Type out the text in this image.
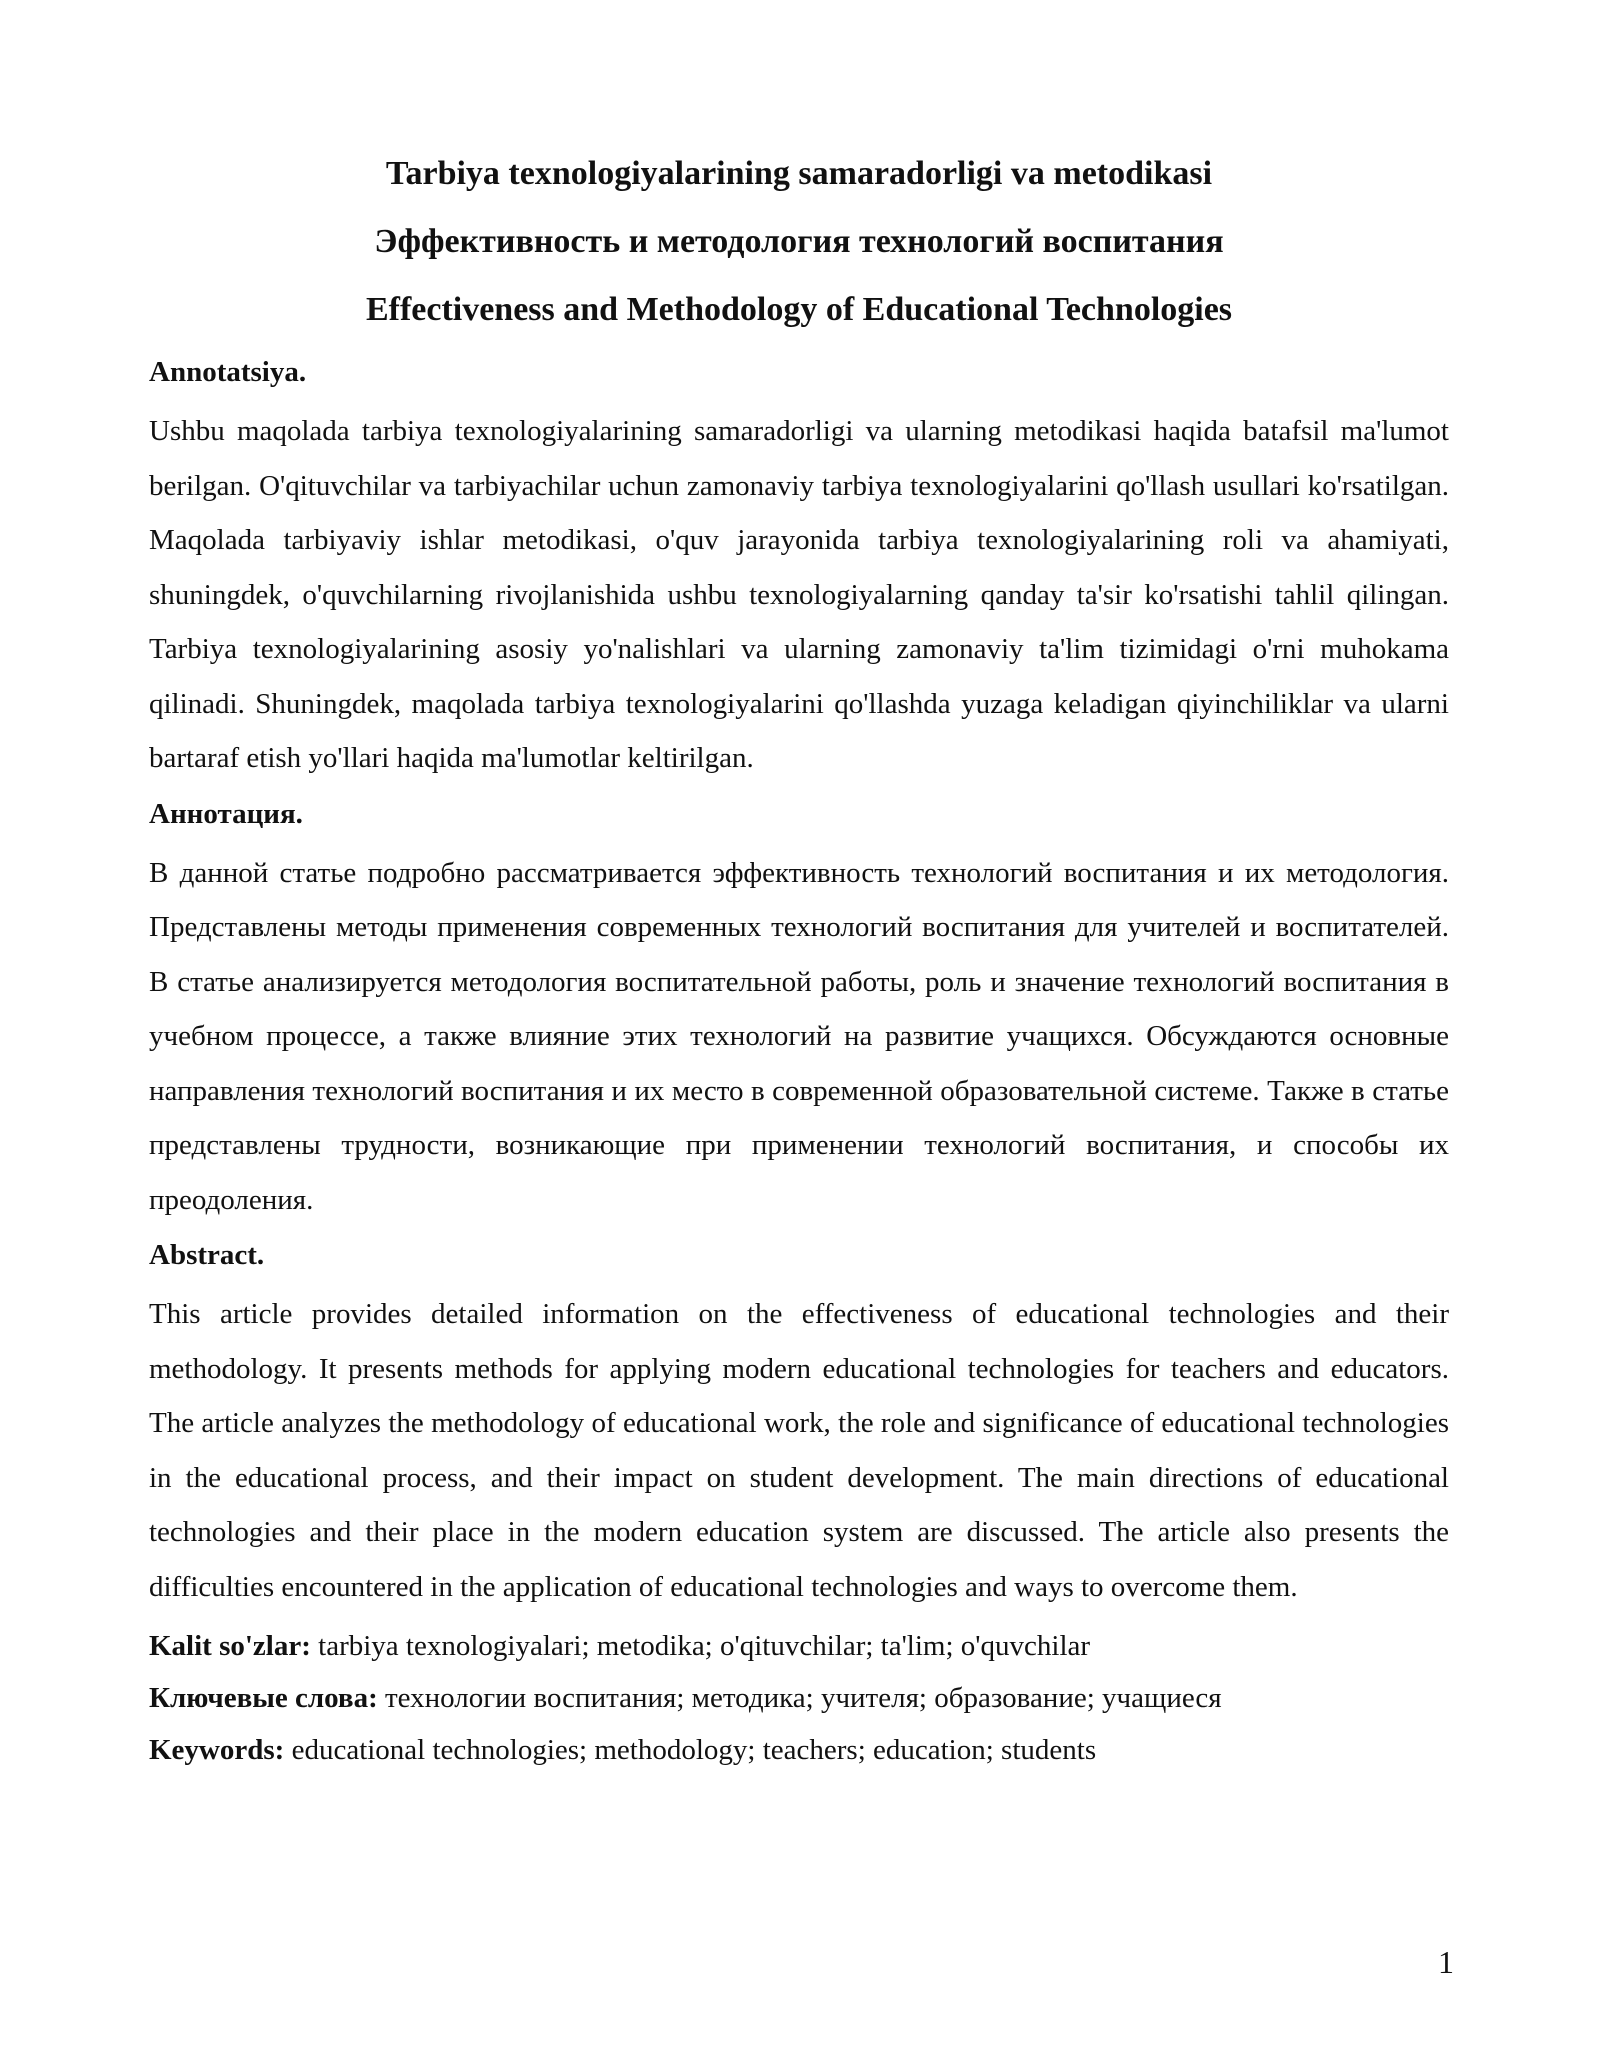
Tarbiya texnologiyalarining samaradorligi va metodikasi
Эффективность и методология технологий воспитания
Effectiveness and Methodology of Educational Technologies

Annotatsiya.

Ushbu maqolada tarbiya texnologiyalarining samaradorligi va ularning metodikasi haqida batafsil ma'lumot berilgan. O'qituvchilar va tarbiyachilar uchun zamonaviy tarbiya texnologiyalarini qo'llash usullari ko'rsatilgan. Maqolada tarbiyaviy ishlar metodikasi, o'quv jarayonida tarbiya texnologiyalarining roli va ahamiyati, shuningdek, o'quvchilarning rivojlanishida ushbu texnologiyalarning qanday ta'sir ko'rsatishi tahlil qilingan. Tarbiya texnologiyalarining asosiy yo'nalishlari va ularning zamonaviy ta'lim tizimidagi o'rni muhokama qilinadi. Shuningdek, maqolada tarbiya texnologiyalarini qo'llashda yuzaga keladigan qiyinchiliklar va ularni bartaraf etish yo'llari haqida ma'lumotlar keltirilgan.

Аннотация.

В данной статье подробно рассматривается эффективность технологий воспитания и их методология. Представлены методы применения современных технологий воспитания для учителей и воспитателей. В статье анализируется методология воспитательной работы, роль и значение технологий воспитания в учебном процессе, а также влияние этих технологий на развитие учащихся. Обсуждаются основные направления технологий воспитания и их место в современной образовательной системе. Также в статье представлены трудности, возникающие при применении технологий воспитания, и способы их преодоления.

Abstract.

This article provides detailed information on the effectiveness of educational technologies and their methodology. It presents methods for applying modern educational technologies for teachers and educators. The article analyzes the methodology of educational work, the role and significance of educational technologies in the educational process, and their impact on student development. The main directions of educational technologies and their place in the modern education system are discussed. The article also presents the difficulties encountered in the application of educational technologies and ways to overcome them.

Kalit so'zlar: tarbiya texnologiyalari; metodika; o'qituvchilar; ta'lim; o'quvchilar

Ключевые слова: технологии воспитания; методика; учителя; образование; учащиеся

Keywords: educational technologies; methodology; teachers; education; students

1
